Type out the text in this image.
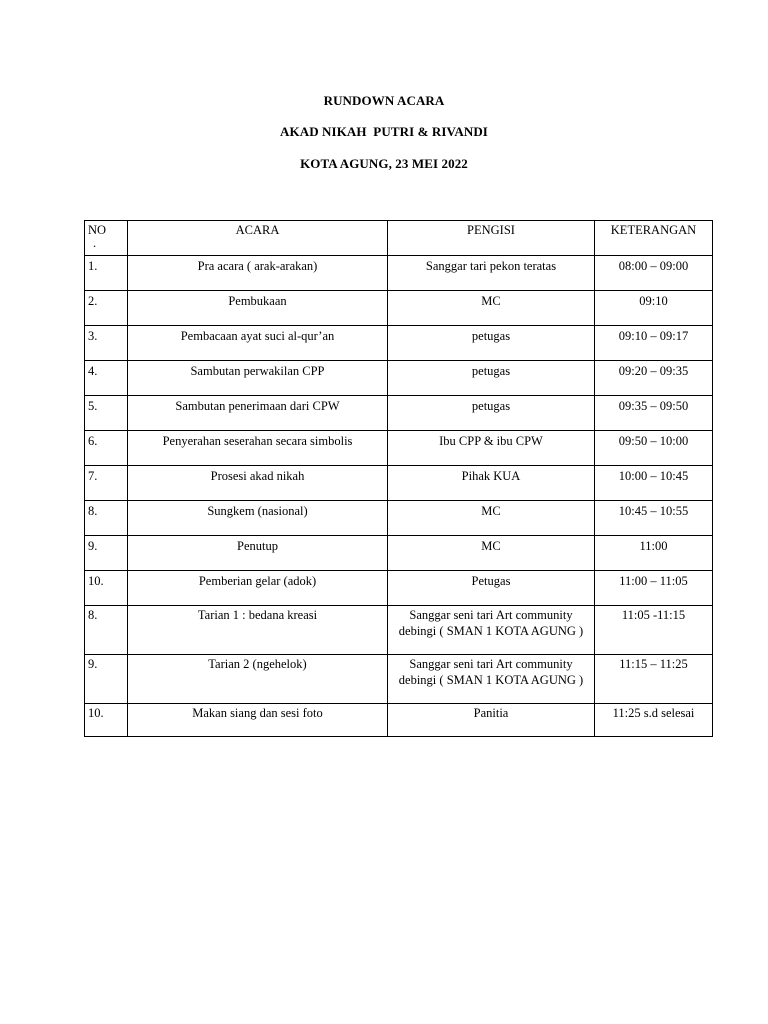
RUNDOWN ACARA
AKAD NIKAH  PUTRI & RIVANDI
KOTA AGUNG, 23 MEI 2022
NO
.	ACARA	PENGISI	KETERANGAN
1.	Pra acara ( arak-arakan)	Sanggar tari pekon teratas	08:00 – 09:00
2.	Pembukaan	MC	09:10
3.	Pembacaan ayat suci al-qur’an	petugas	09:10 – 09:17
4.	Sambutan perwakilan CPP	petugas	09:20 – 09:35
5.	Sambutan penerimaan dari CPW	petugas	09:35 – 09:50
6.	Penyerahan seserahan secara simbolis	Ibu CPP & ibu CPW	09:50 – 10:00
7.	Prosesi akad nikah	Pihak KUA	10:00 – 10:45
8.	Sungkem (nasional)	MC	10:45 – 10:55
9.	Penutup	MC	11:00
10.	Pemberian gelar (adok)	Petugas	11:00 – 11:05
8.	Tarian 1 : bedana kreasi	Sanggar seni tari Art community debingi ( SMAN 1 KOTA AGUNG )	11:05 -11:15
9.	Tarian 2 (ngehelok)	Sanggar seni tari Art community debingi ( SMAN 1 KOTA AGUNG )	11:15 – 11:25
10.	Makan siang dan sesi foto	Panitia	11:25 s.d selesai
